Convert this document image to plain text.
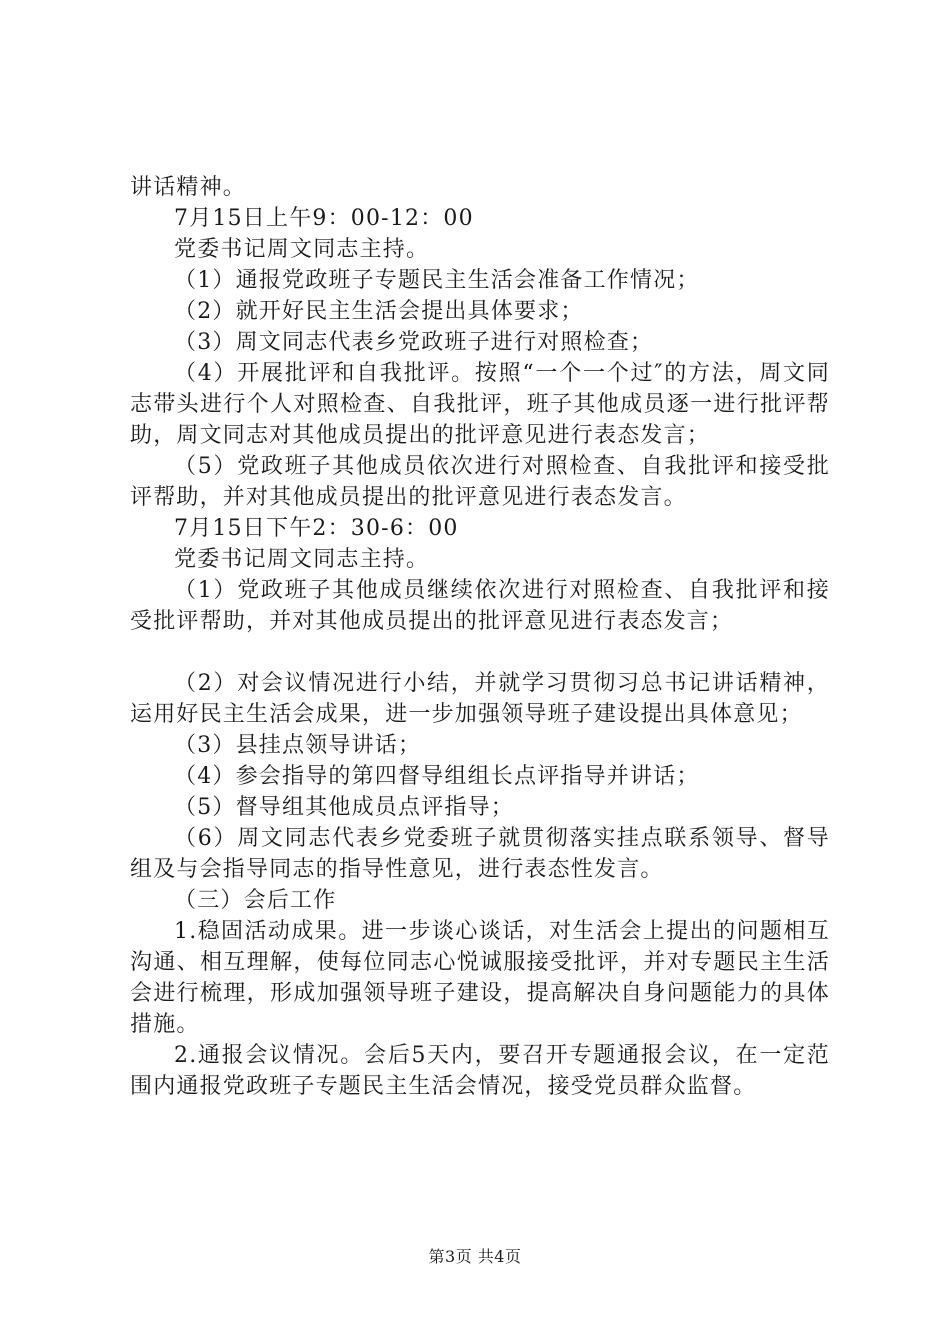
讲话精神。

7月15日上午9：00-12：00

党委书记周文同志主持。

（1）通报党政班子专题民主生活会准备工作情况；

（2）就开好民主生活会提出具体要求；

（3）周文同志代表乡党政班子进行对照检查；

（4）开展批评和自我批评。按照“一个一个过″的方法，周文同志带头进行个人对照检查、自我批评，班子其他成员逐一进行批评帮助，周文同志对其他成员提出的批评意见进行表态发言；

（5）党政班子其他成员依次进行对照检查、自我批评和接受批评帮助，并对其他成员提出的批评意见进行表态发言。

7月15日下午2：30-6：00

党委书记周文同志主持。

（1）党政班子其他成员继续依次进行对照检查、自我批评和接受批评帮助，并对其他成员提出的批评意见进行表态发言；

（2）对会议情况进行小结，并就学习贯彻习总书记讲话精神，运用好民主生活会成果，进一步加强领导班子建设提出具体意见；

（3）县挂点领导讲话；

（4）参会指导的第四督导组组长点评指导并讲话；

（5）督导组其他成员点评指导；

（6）周文同志代表乡党委班子就贯彻落实挂点联系领导、督导组及与会指导同志的指导性意见，进行表态性发言。

（三）会后工作

1.稳固活动成果。进一步谈心谈话，对生活会上提出的问题相互沟通、相互理解，使每位同志心悦诚服接受批评，并对专题民主生活会进行梳理，形成加强领导班子建设，提高解决自身问题能力的具体措施。

2.通报会议情况。会后5天内，要召开专题通报会议，在一定范围内通报党政班子专题民主生活会情况，接受党员群众监督。

第3页 共4页
